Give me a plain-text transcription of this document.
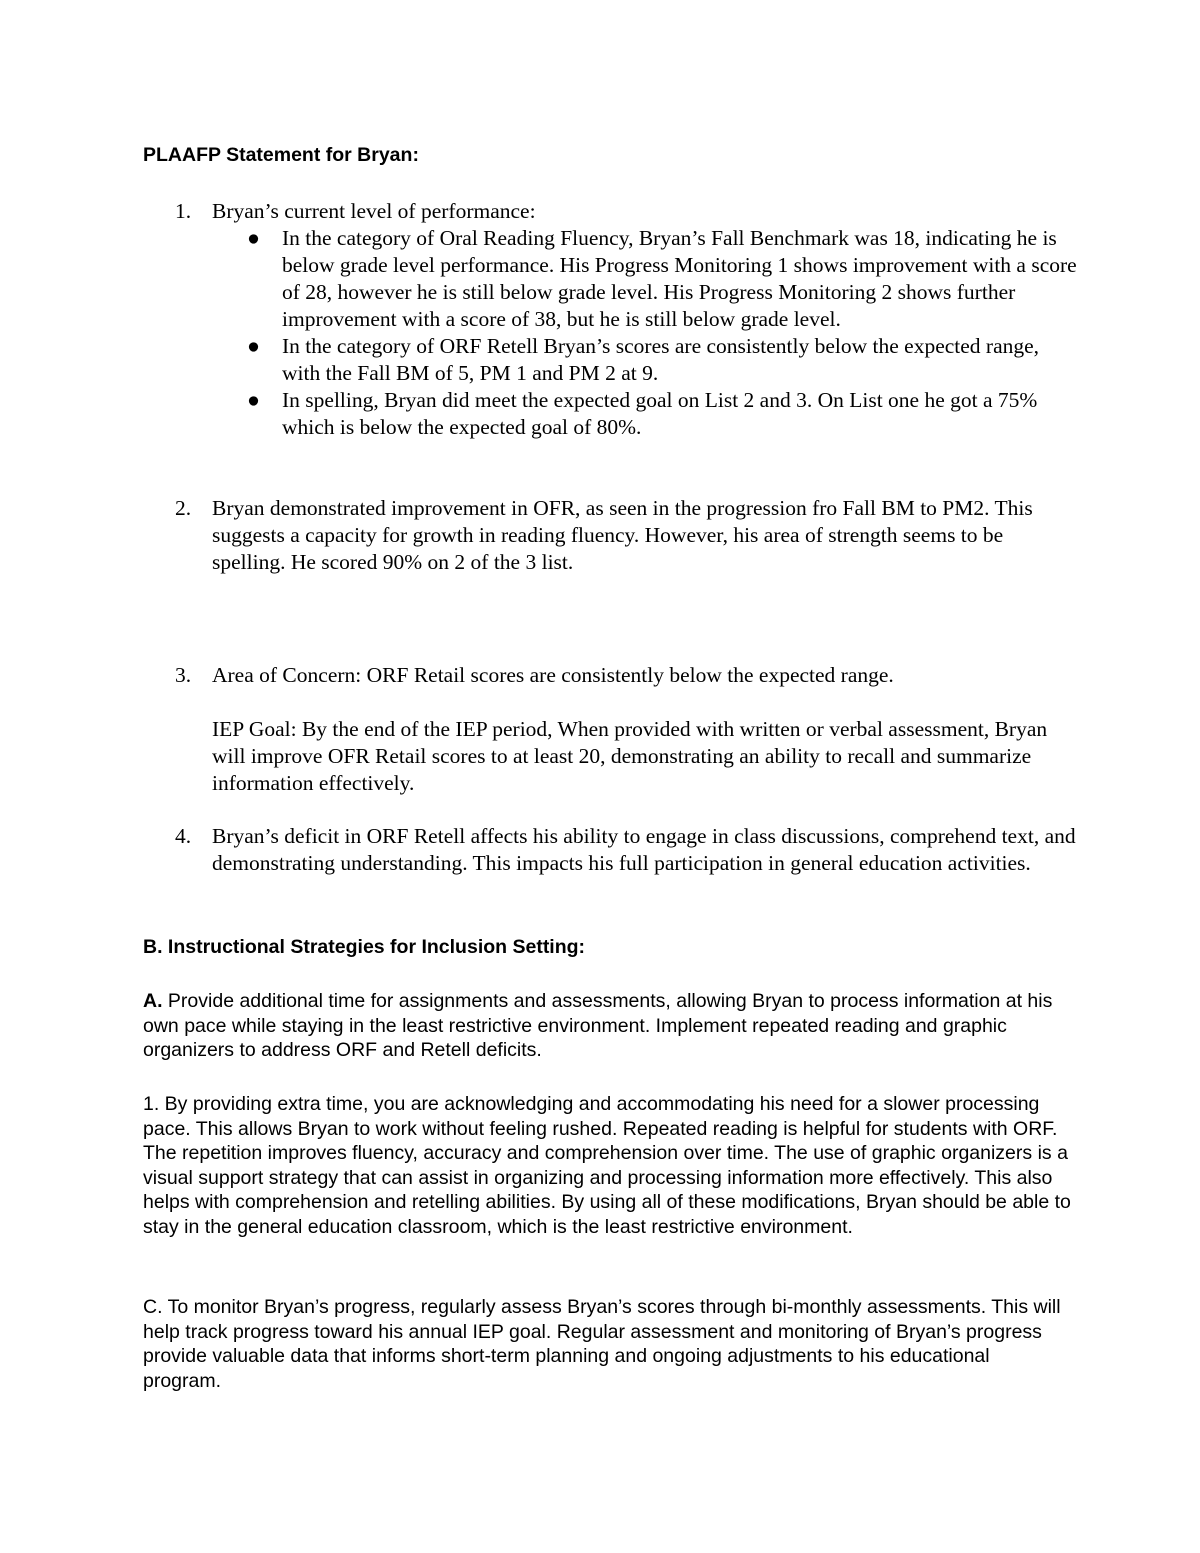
PLAAFP Statement for Bryan:
1. Bryan’s current level of performance:
● In the category of Oral Reading Fluency, Bryan’s Fall Benchmark was 18, indicating he is below grade level performance. His Progress Monitoring 1 shows improvement with a score of 28, however he is still below grade level. His Progress Monitoring 2 shows further improvement with a score of 38, but he is still below grade level.
● In the category of ORF Retell Bryan’s scores are consistently below the expected range, with the Fall BM of 5, PM 1 and PM 2 at 9.
● In spelling, Bryan did meet the expected goal on List 2 and 3. On List one he got a 75% which is below the expected goal of 80%.
2. Bryan demonstrated improvement in OFR, as seen in the progression fro Fall BM to PM2. This suggests a capacity for growth in reading fluency. However, his area of strength seems to be spelling. He scored 90% on 2 of the 3 list.
3. Area of Concern: ORF Retail scores are consistently below the expected range.
IEP Goal: By the end of the IEP period, When provided with written or verbal assessment, Bryan will improve OFR Retail scores to at least 20, demonstrating an ability to recall and summarize information effectively.
4. Bryan’s deficit in ORF Retell affects his ability to engage in class discussions, comprehend text, and demonstrating understanding. This impacts his full participation in general education activities.
B. Instructional Strategies for Inclusion Setting:
A. Provide additional time for assignments and assessments, allowing Bryan to process information at his own pace while staying in the least restrictive environment. Implement repeated reading and graphic organizers to address ORF and Retell deficits.
1. By providing extra time, you are acknowledging and accommodating his need for a slower processing pace. This allows Bryan to work without feeling rushed. Repeated reading is helpful for students with ORF. The repetition improves fluency, accuracy and comprehension over time. The use of graphic organizers is a visual support strategy that can assist in organizing and processing information more effectively. This also helps with comprehension and retelling abilities. By using all of these modifications, Bryan should be able to stay in the general education classroom, which is the least restrictive environment.
C. To monitor Bryan’s progress, regularly assess Bryan’s scores through bi-monthly assessments. This will help track progress toward his annual IEP goal. Regular assessment and monitoring of Bryan’s progress provide valuable data that informs short-term planning and ongoing adjustments to his educational program.
